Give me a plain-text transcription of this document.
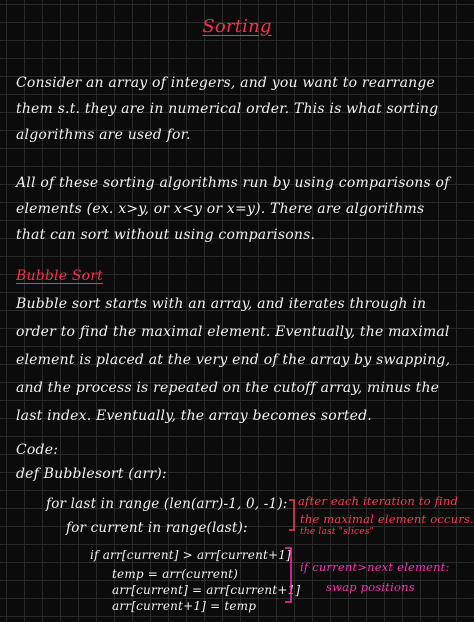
Sorting
Consider an array of integers, and you want to rearrange them s.t. they are in numerical order. This is what sorting algorithms are used for.
All of these sorting algorithms run by using comparisons of elements (ex. x>y, or x<y or x=y). There are algorithms that can sort without using comparisons.
Bubble Sort
Bubble sort starts with an array, and iterates through in order to find the maximal element. Eventually, the maximal element is placed at the very end of the array by swapping, and the process is repeated on the cutoff array, minus the last index. Eventually, the array becomes sorted.
Code:
def Bubblesort (arr):
for last in range (len(arr)-1, 0, -1):
for current in range(last):
if arr[current] > arr[current+1]
temp = arr(current)
arr[current] = arr[current+1]
arr[current+1] = temp
after each iteration to find
the maximal element occurs.
the last "slices"
if current>next element:
swap positions
